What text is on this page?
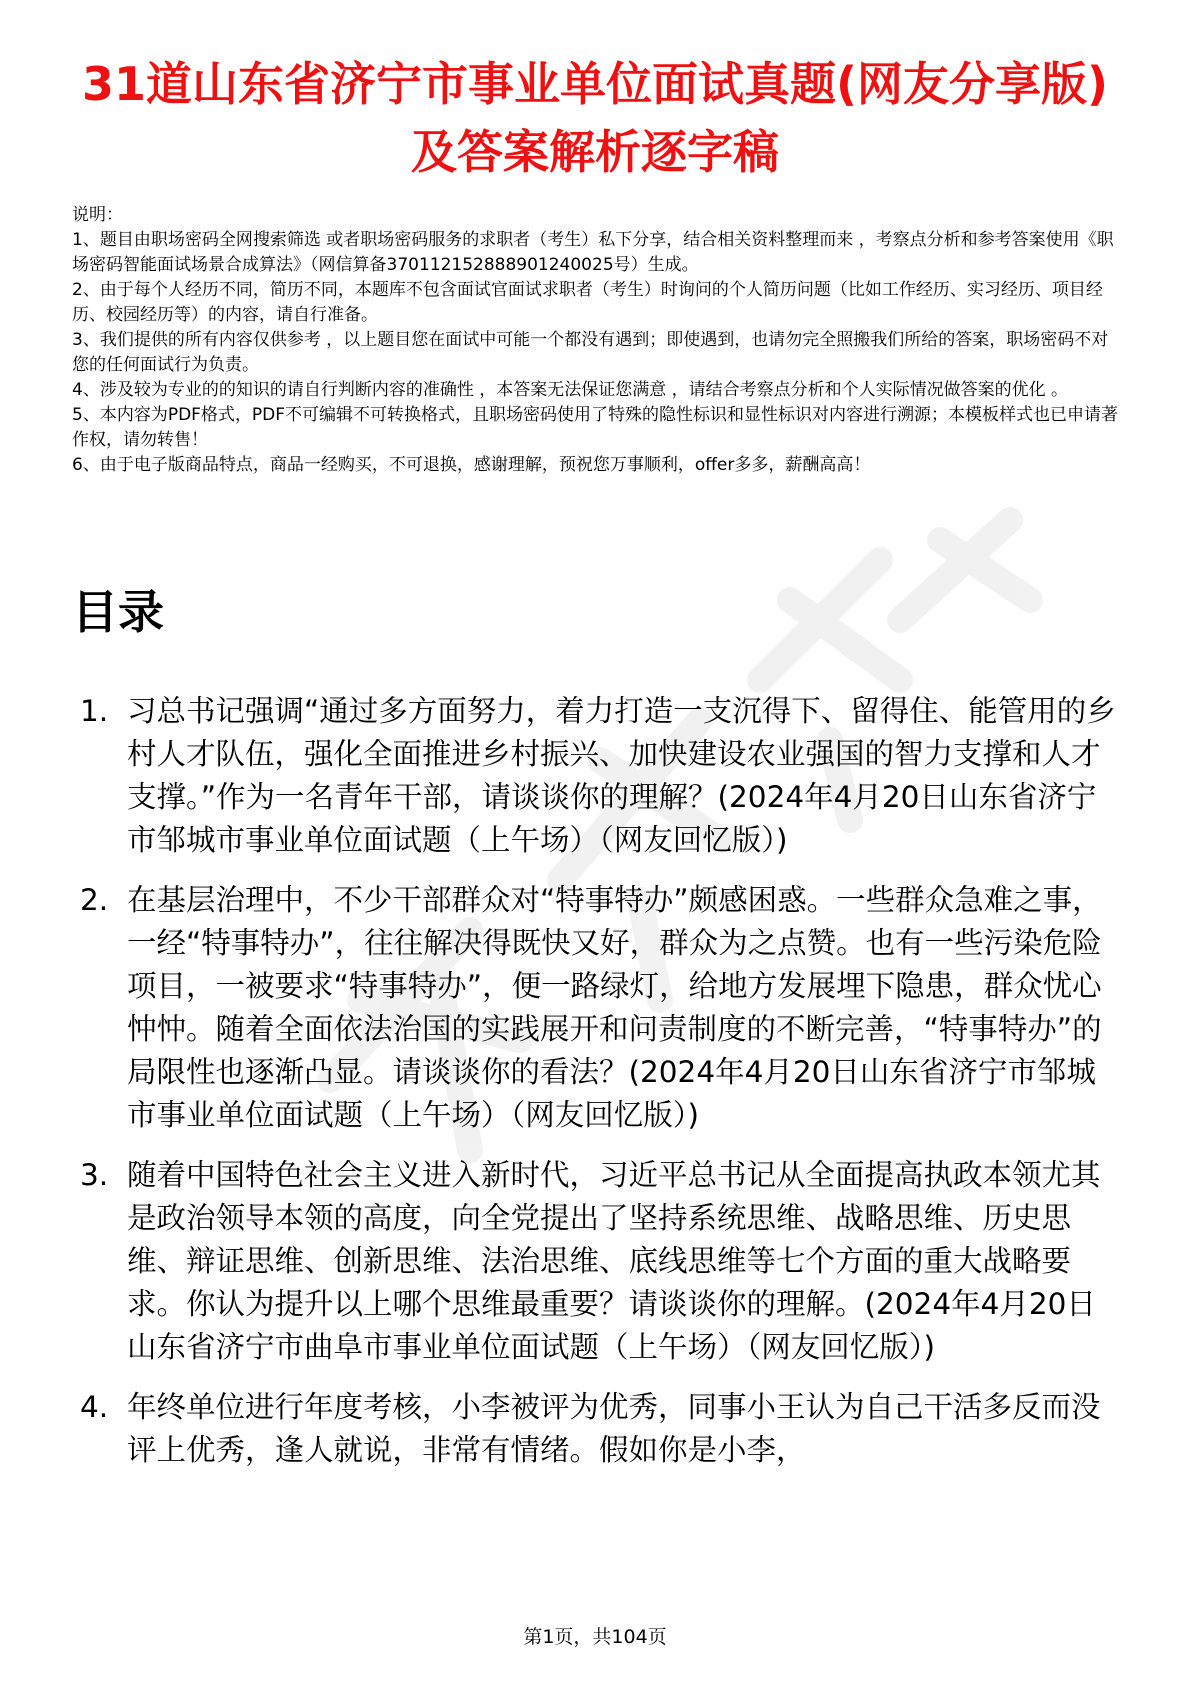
31道山东省济宁市事业单位面试真题(网友分享版)及答案解析逐字稿

说明：

1、题目由职场密码全网搜索筛选 或者职场密码服务的求职者（考生）私下分享，结合相关资料整理而来 ，考察点分析和参考答案使用《职场密码智能面试场景合成算法》（网信算备370112152888901240025号）生成。

2、由于每个人经历不同，简历不同，本题库不包含面试官面试求职者（考生）时询问的个人简历问题（比如工作经历、实习经历、项目经历、校园经历等）的内容，请自行准备。

3、我们提供的所有内容仅供参考 ，以上题目您在面试中可能一个都没有遇到；即使遇到，也请勿完全照搬我们所给的答案，职场密码不对您的任何面试行为负责。

4、涉及较为专业的的知识的请自行判断内容的准确性 ，本答案无法保证您满意 ，请结合考察点分析和个人实际情况做答案的优化 。

5、本内容为PDF格式，PDF不可编辑不可转换格式，且职场密码使用了特殊的隐性标识和显性标识对内容进行溯源；本模板样式也已申请著作权，请勿转售！

6、由于电子版商品特点，商品一经购买，不可退换，感谢理解，预祝您万事顺利，offer多多，薪酬高高！

目录
1. 习总书记强调“通过多方面努力，着力打造一支沉得下、留得住、能管用的乡村人才队伍，强化全面推进乡村振兴、加快建设农业强国的智力支撑和人才支撑。”作为一名青年干部，请谈谈你的理解？(2024年4月20日山东省济宁市邹城市事业单位面试题（上午场）（网友回忆版）)
2. 在基层治理中，不少干部群众对“特事特办”颇感困惑。一些群众急难之事，一经“特事特办”，往往解决得既快又好，群众为之点赞。也有一些污染危险项目，一被要求“特事特办”，便一路绿灯，给地方发展埋下隐患，群众忧心忡忡。随着全面依法治国的实践展开和问责制度的不断完善，“特事特办”的局限性也逐渐凸显。请谈谈你的看法？(2024年4月20日山东省济宁市邹城市事业单位面试题（上午场）（网友回忆版）)
3. 随着中国特色社会主义进入新时代，习近平总书记从全面提高执政本领尤其是政治领导本领的高度，向全党提出了坚持系统思维、战略思维、历史思维、辩证思维、创新思维、法治思维、底线思维等七个方面的重大战略要求。你认为提升以上哪个思维最重要？请谈谈你的理解。(2024年4月20日山东省济宁市曲阜市事业单位面试题（上午场）（网友回忆版）)
4. 年终单位进行年度考核，小李被评为优秀，同事小王认为自己干活多反而没评上优秀，逢人就说，非常有情绪。假如你是小李，
第1页，共104页
